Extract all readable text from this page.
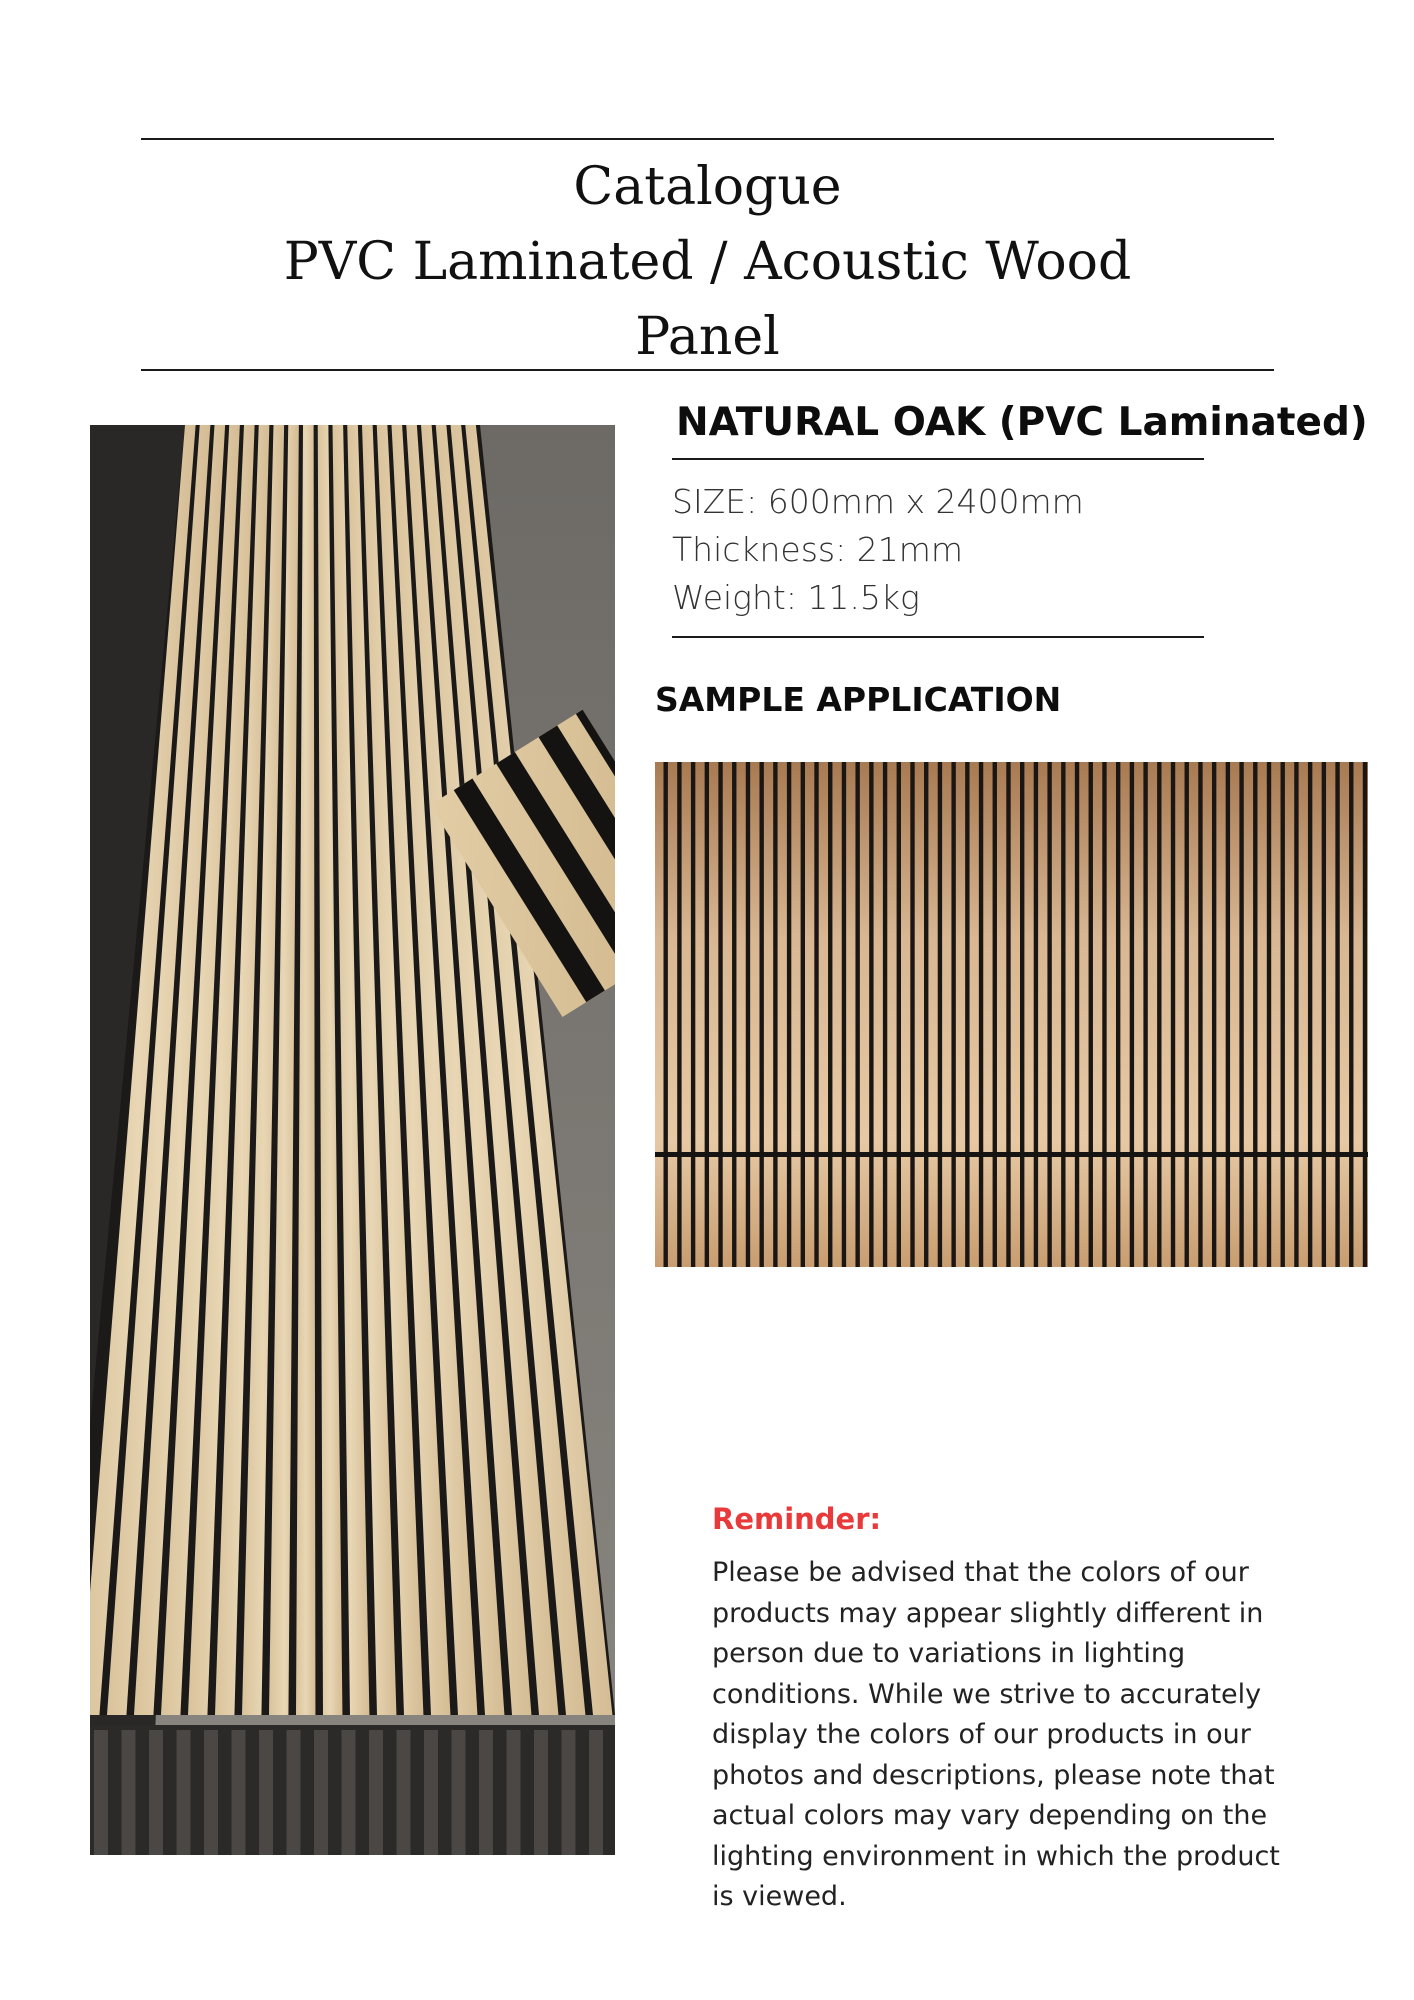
Catalogue
PVC Laminated / Acoustic Wood
Panel
NATURAL OAK (PVC Laminated)
SIZE: 600mm x 2400mm
Thickness: 21mm
Weight: 11.5kg
SAMPLE APPLICATION
Reminder:
Please be advised that the colors of our products may appear slightly different in person due to variations in lighting conditions. While we strive to accurately display the colors of our products in our photos and descriptions, please note that actual colors may vary depending on the lighting environment in which the product is viewed.
